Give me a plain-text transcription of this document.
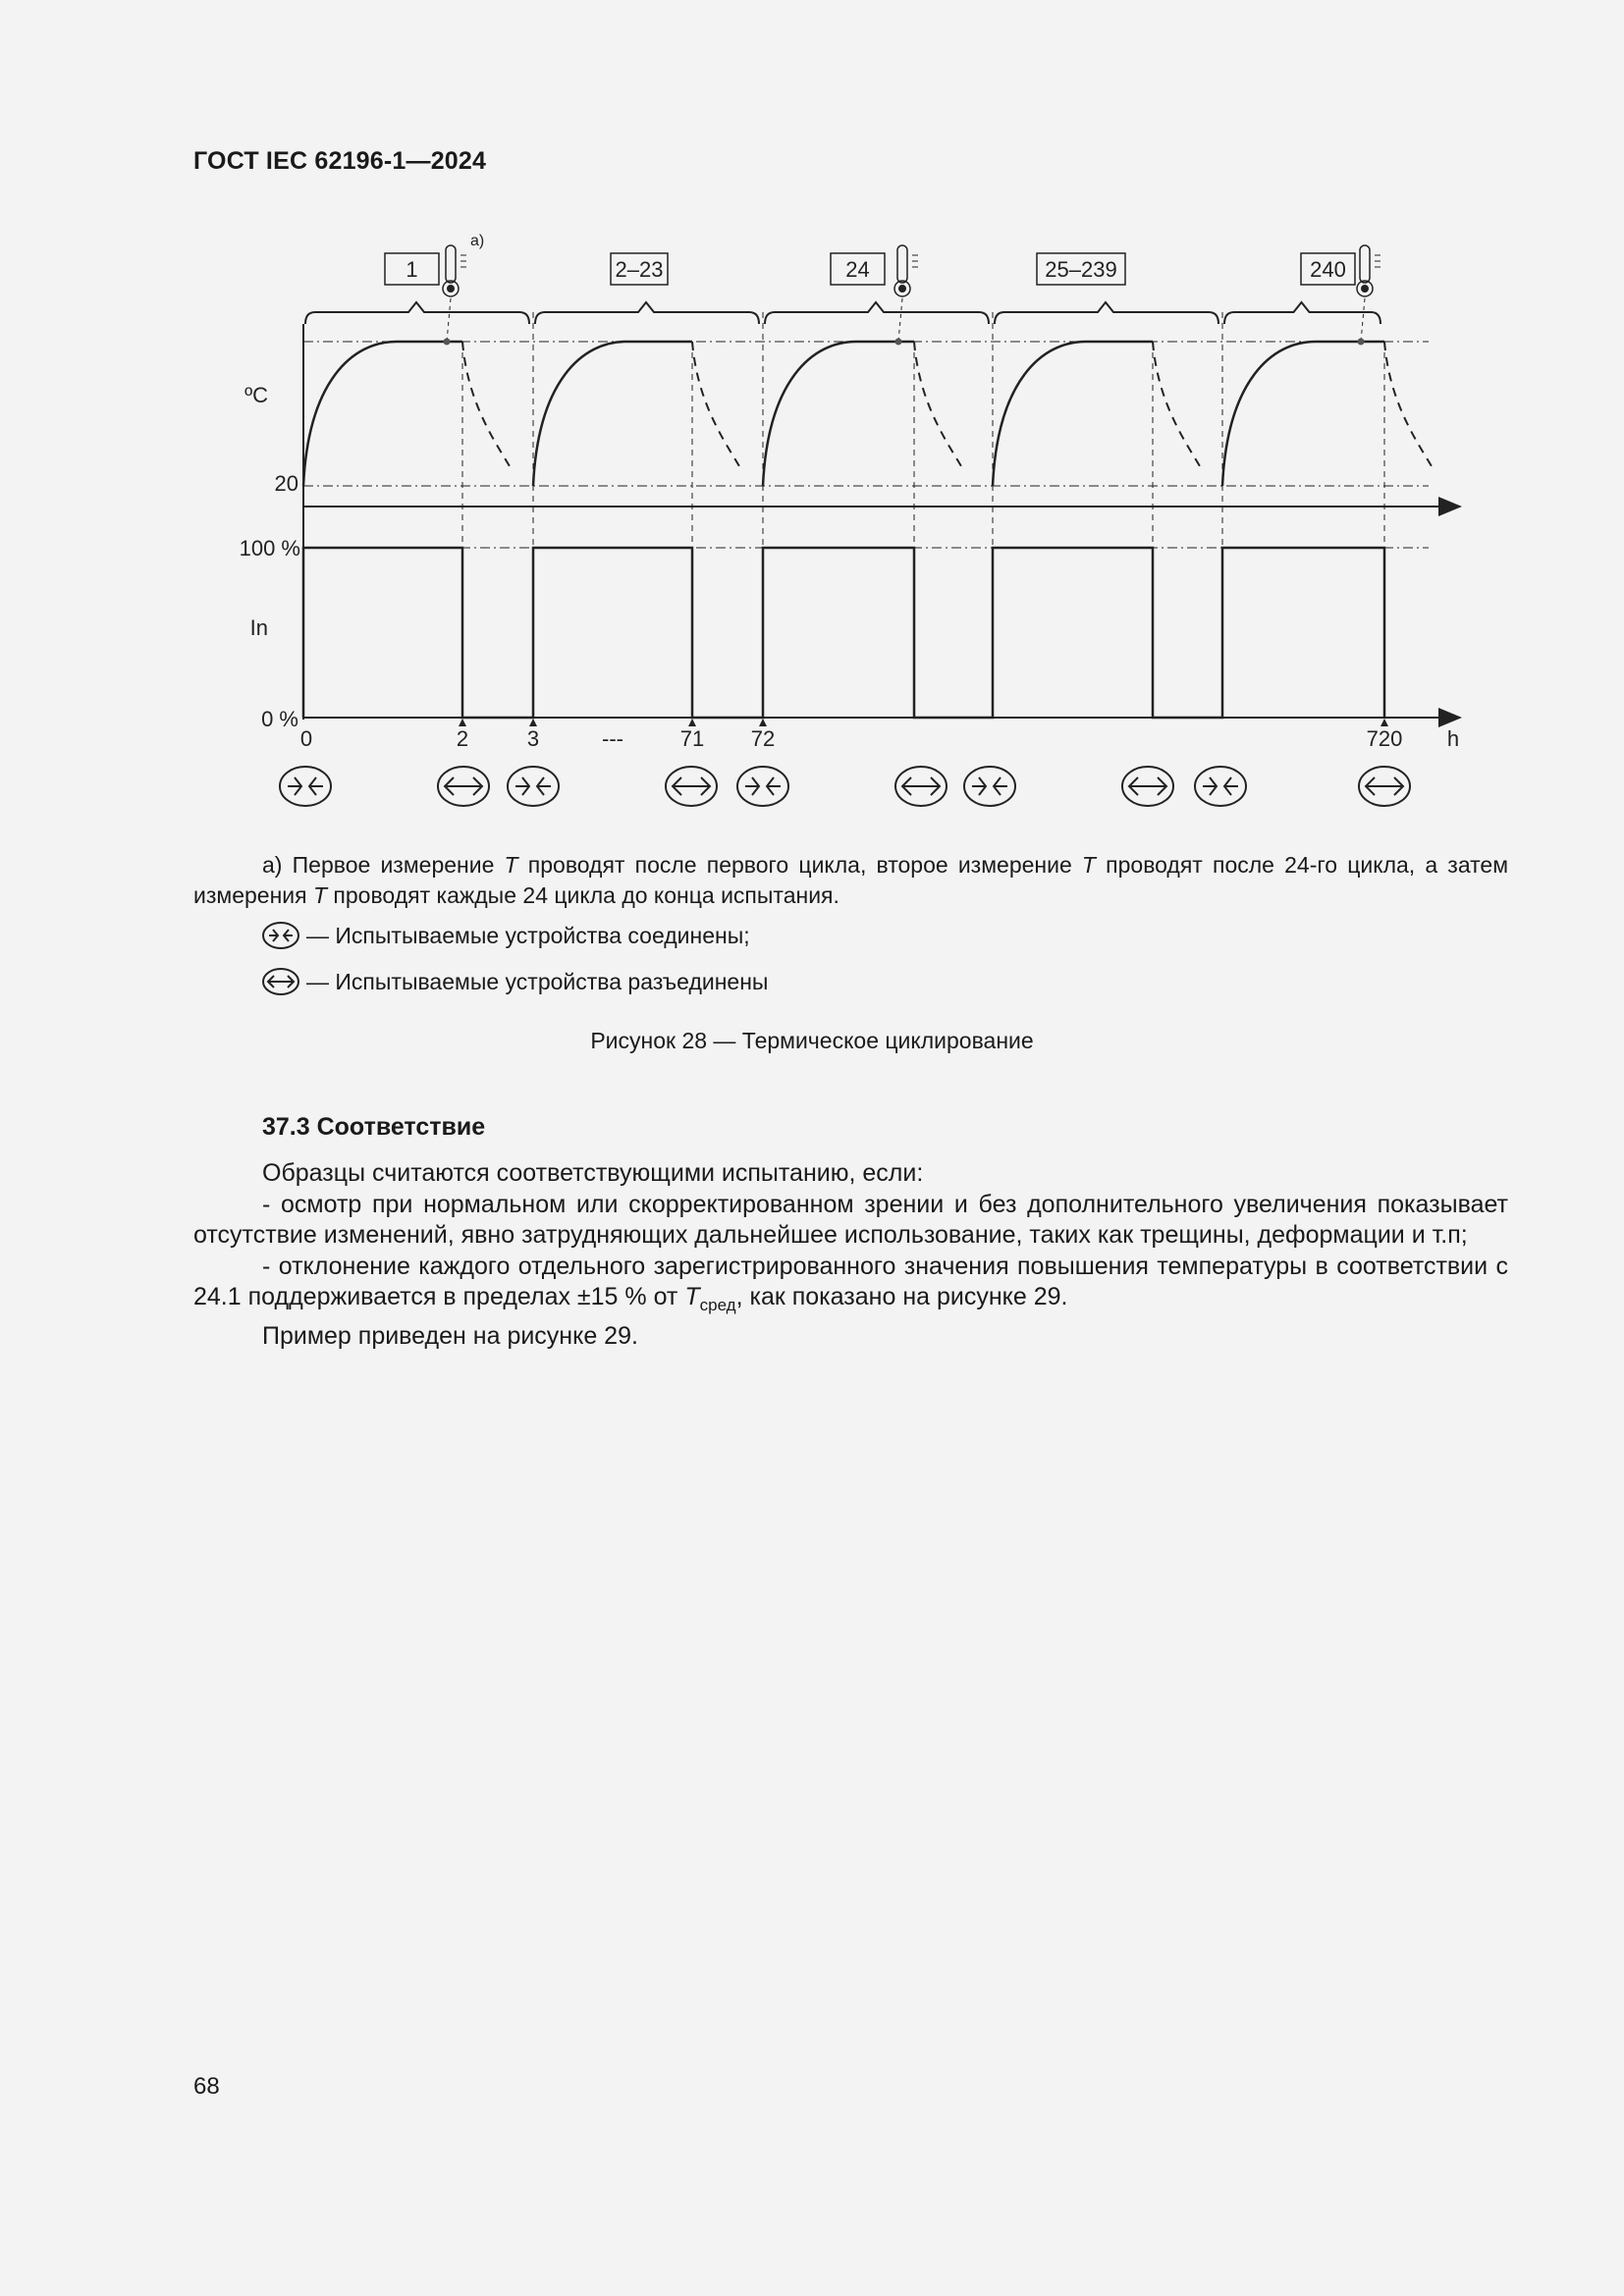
ГОСТ IEC 62196-1—2024
1	2–23	24	25–239	240
a)
ºC
20
100 %
In
0 %
0	2	3	---	71 72	720 h

а) Первое измерение T проводят после первого цикла, второе измерение T проводят после 24-го цикла, а затем измерения T проводят каждые 24 цикла до конца испытания.

— Испытываемые устройства соединены;
— Испытываемые устройства разъединены
Рисунок 28 — Термическое циклирование
37.3 Соответствие

Образцы считаются соответствующими испытанию, если:

- осмотр при нормальном или скорректированном зрении и без дополнительного увеличения показывает отсутствие изменений, явно затрудняющих дальнейшее использование, таких как трещины, деформации и т.п;

- отклонение каждого отдельного зарегистрированного значения повышения температуры в соответствии с 24.1 поддерживается в пределах ±15 % от $T_{сред}$, как показано на рисунке 29.

Пример приведен на рисунке 29.

68
